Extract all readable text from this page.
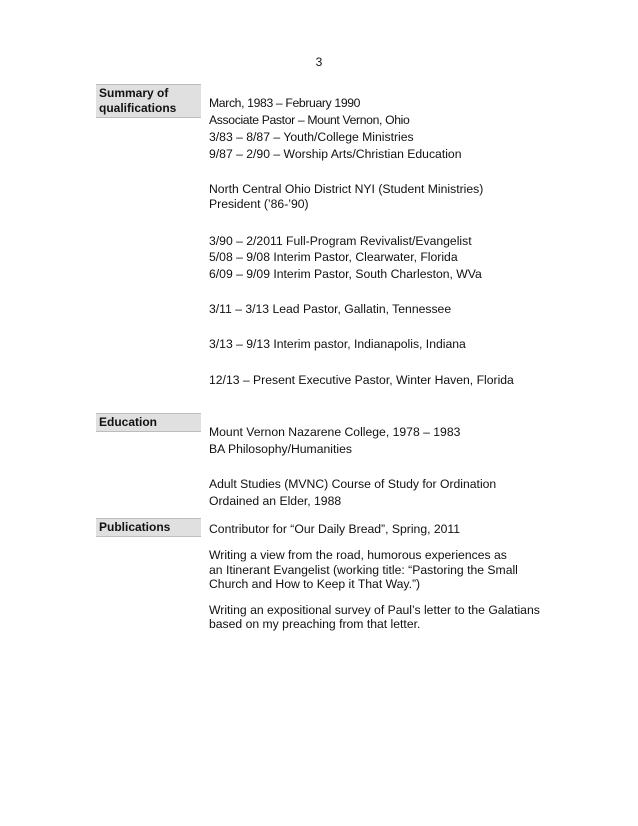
3
Summary of
qualifications	March, 1983 – February 1990
Associate Pastor – Mount Vernon, Ohio
3/83 – 8/87 – Youth/College Ministries
9/87 – 2/90 – Worship Arts/Christian Education
North Central Ohio District NYI (Student Ministries)
President (’86-’90)
3/90 – 2/2011 Full-Program Revivalist/Evangelist
5/08 – 9/08 Interim Pastor, Clearwater, Florida
6/09 – 9/09 Interim Pastor, South Charleston, WVa
3/11 – 3/13 Lead Pastor, Gallatin, Tennessee
3/13 – 9/13 Interim pastor, Indianapolis, Indiana
12/13 – Present Executive Pastor, Winter Haven, Florida
Education
Mount Vernon Nazarene College, 1978 – 1983
BA Philosophy/Humanities
Adult Studies (MVNC) Course of Study for Ordination
Ordained an Elder, 1988
Publications	Contributor for “Our Daily Bread”, Spring, 2011
Writing a view from the road, humorous experiences as
an Itinerant Evangelist (working title: “Pastoring the Small
Church and How to Keep it That Way.”)
Writing an expositional survey of Paul’s letter to the Galatians
based on my preaching from that letter.
